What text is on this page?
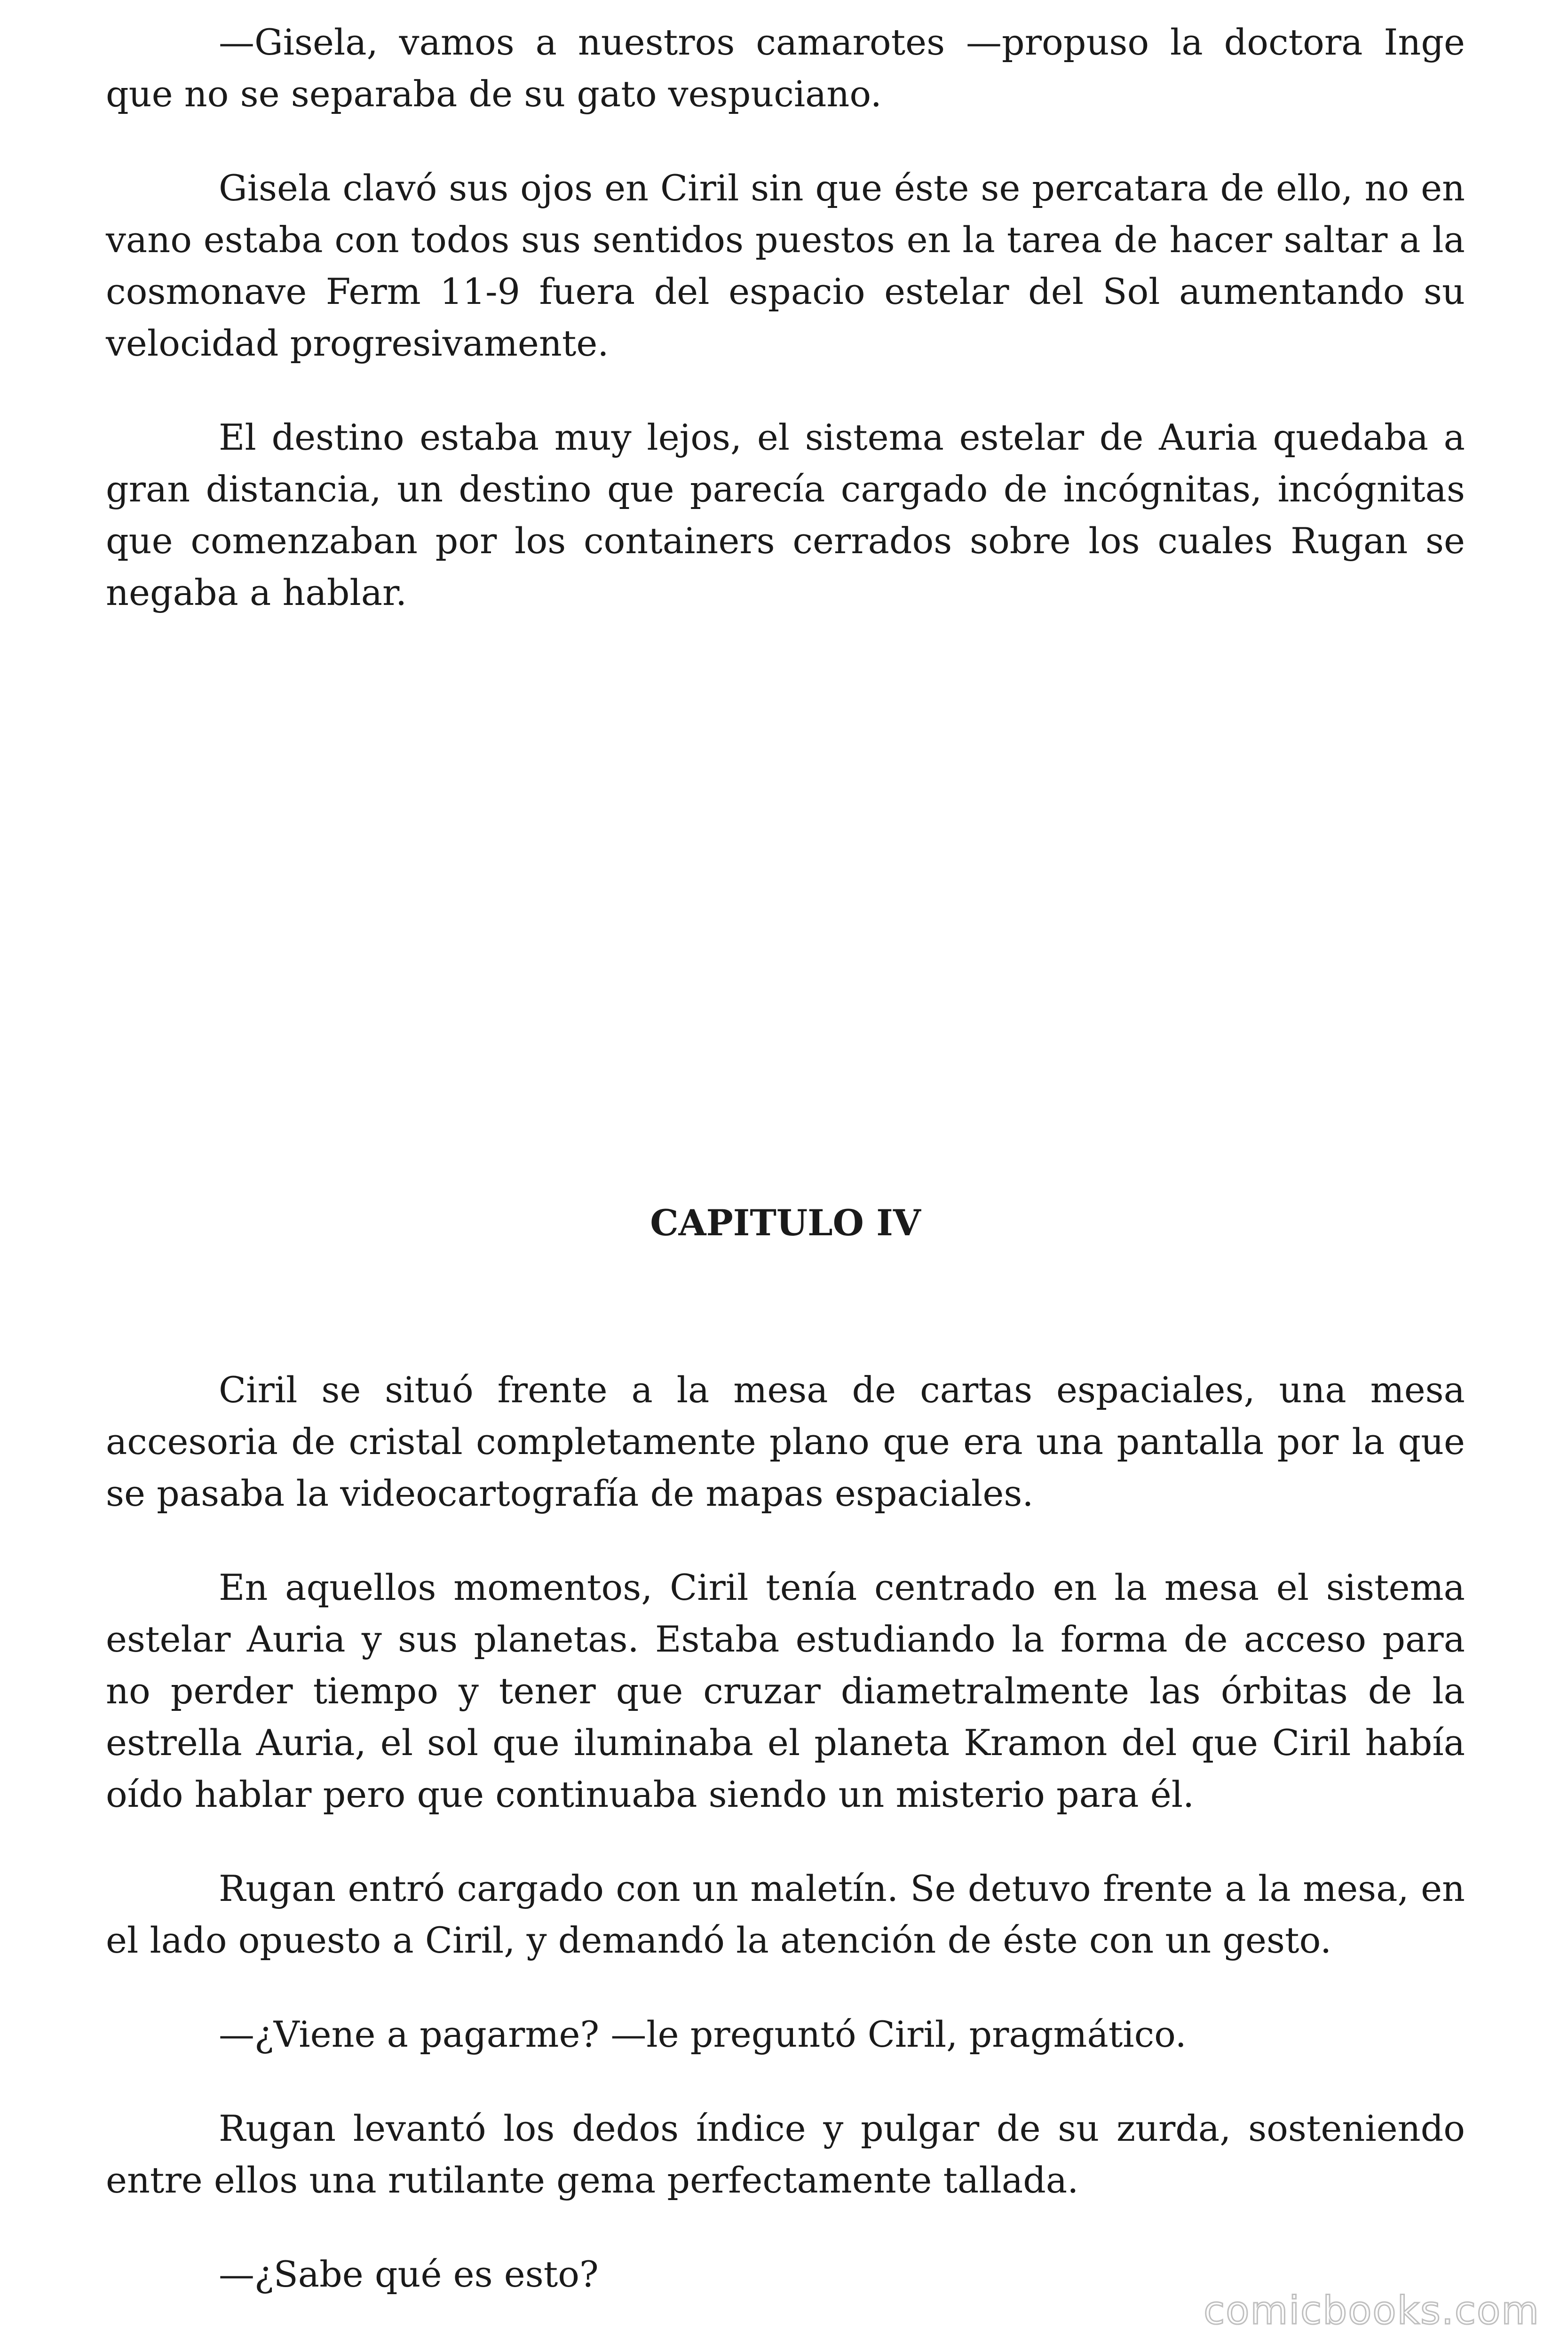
—Gisela, vamos a nuestros camarotes —propuso la doctora Inge que no se separaba de su gato vespuciano.

Gisela clavó sus ojos en Ciril sin que éste se percatara de ello, no en vano estaba con todos sus sentidos puestos en la tarea de hacer saltar a la cosmonave Ferm 11-9 fuera del espacio estelar del Sol aumentando su velocidad progresivamente.

El destino estaba muy lejos, el sistema estelar de Auria quedaba a gran distancia, un destino que parecía cargado de incógnitas, incógnitas que comenzaban por los containers cerrados sobre los cuales Rugan se negaba a hablar.

CAPITULO IV

Ciril se situó frente a la mesa de cartas espaciales, una mesa accesoria de cristal completamente plano que era una pantalla por la que se pasaba la videocartografía de mapas espaciales.

En aquellos momentos, Ciril tenía centrado en la mesa el sistema estelar Auria y sus planetas. Estaba estudiando la forma de acceso para no perder tiempo y tener que cruzar diametralmente las órbitas de la estrella Auria, el sol que iluminaba el planeta Kramon del que Ciril había oído hablar pero que continuaba siendo un misterio para él.

Rugan entró cargado con un maletín. Se detuvo frente a la mesa, en el lado opuesto a Ciril, y demandó la atención de éste con un gesto.

—¿Viene a pagarme? —le preguntó Ciril, pragmático.

Rugan levantó los dedos índice y pulgar de su zurda, sosteniendo entre ellos una rutilante gema perfectamente tallada.

—¿Sabe qué es esto?

comicbooks.com
